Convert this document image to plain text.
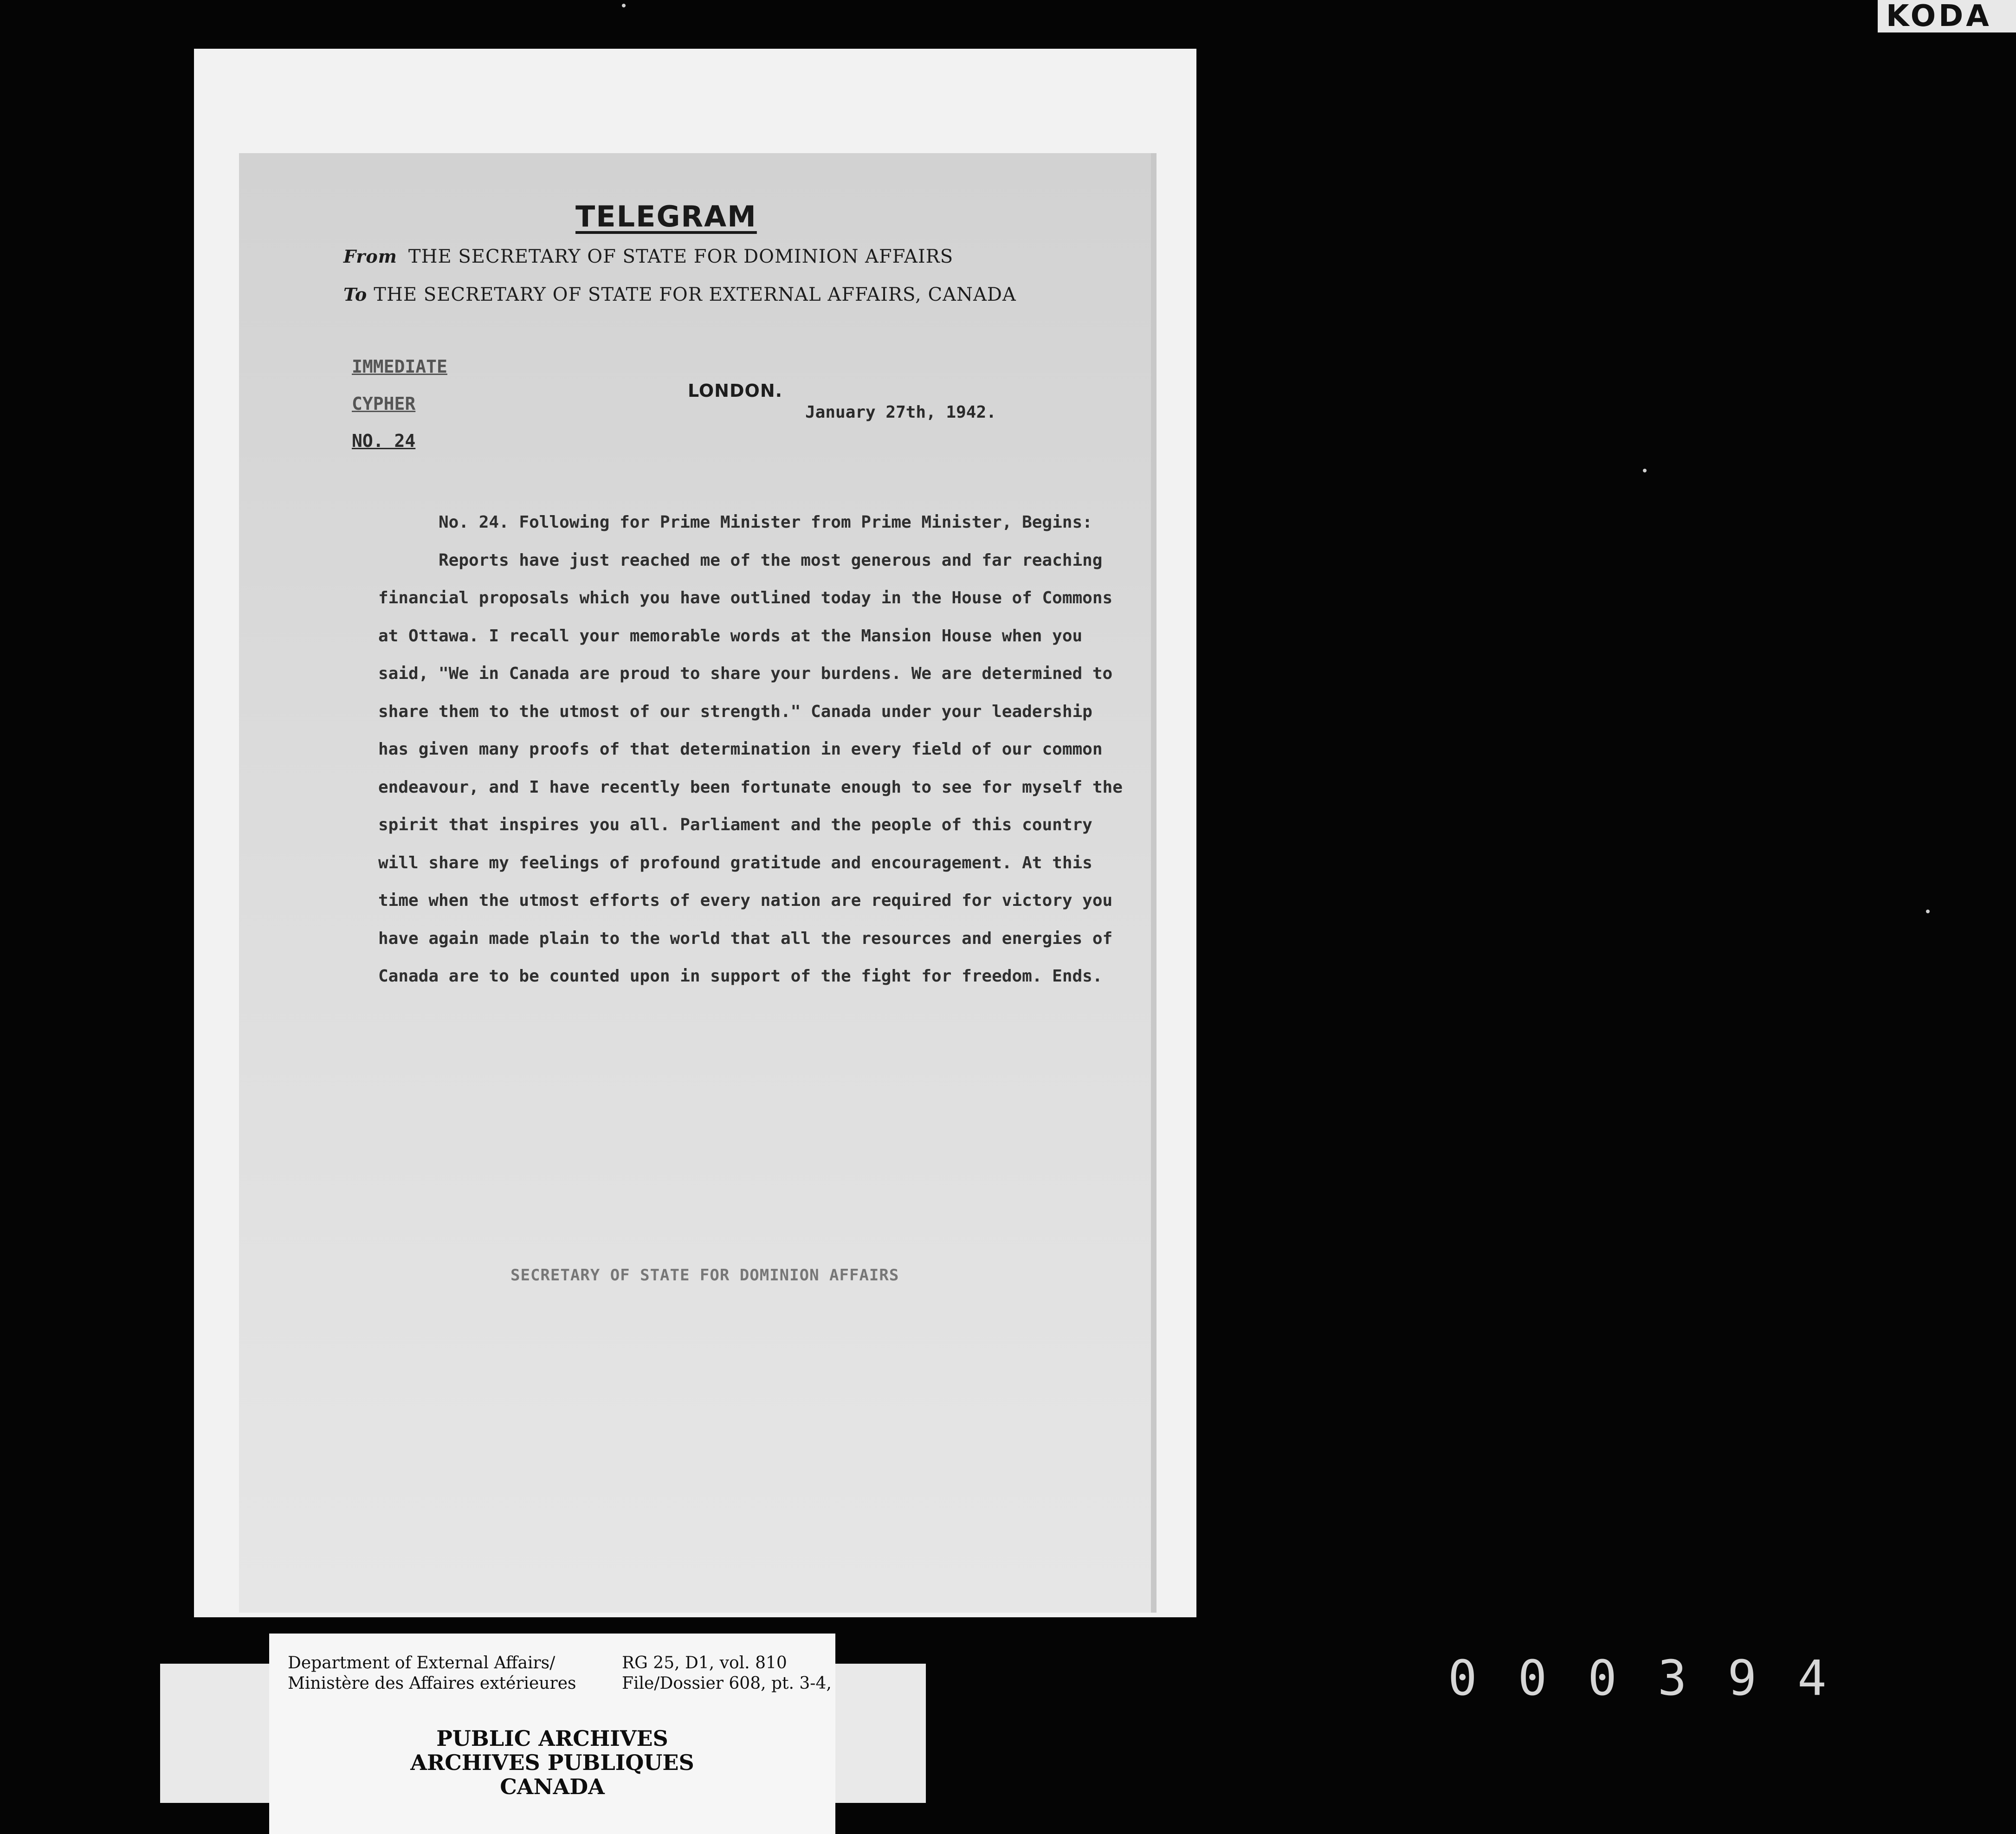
KODA
TELEGRAM
From THE SECRETARY OF STATE FOR DOMINION AFFAIRS
To THE SECRETARY OF STATE FOR EXTERNAL AFFAIRS, CANADA
IMMEDIATE
CYPHER
NO. 24
LONDON.
January 27th, 1942.

No. 24. Following for Prime Minister from Prime Minister, Begins:

Reports have just reached me of the most generous and far reaching financial proposals which you have outlined today in the House of Commons at Ottawa. I recall your memorable words at the Mansion House when you said, "We in Canada are proud to share your burdens. We are determined to share them to the utmost of our strength." Canada under your leadership has given many proofs of that determination in every field of our common endeavour, and I have recently been fortunate enough to see for myself the spirit that inspires you all. Parliament and the people of this country will share my feelings of profound gratitude and encouragement. At this time when the utmost efforts of every nation are required for victory you have again made plain to the world that all the resources and energies of Canada are to be counted upon in support of the fight for freedom. Ends.

SECRETARY OF STATE FOR DOMINION AFFAIRS
Department of External Affairs/
Ministère des Affaires extérieures
RG 25, D1, vol. 810
File/Dossier 608, pt. 3-4,
PUBLIC ARCHIVES
ARCHIVES PUBLIQUES
CANADA
000394
